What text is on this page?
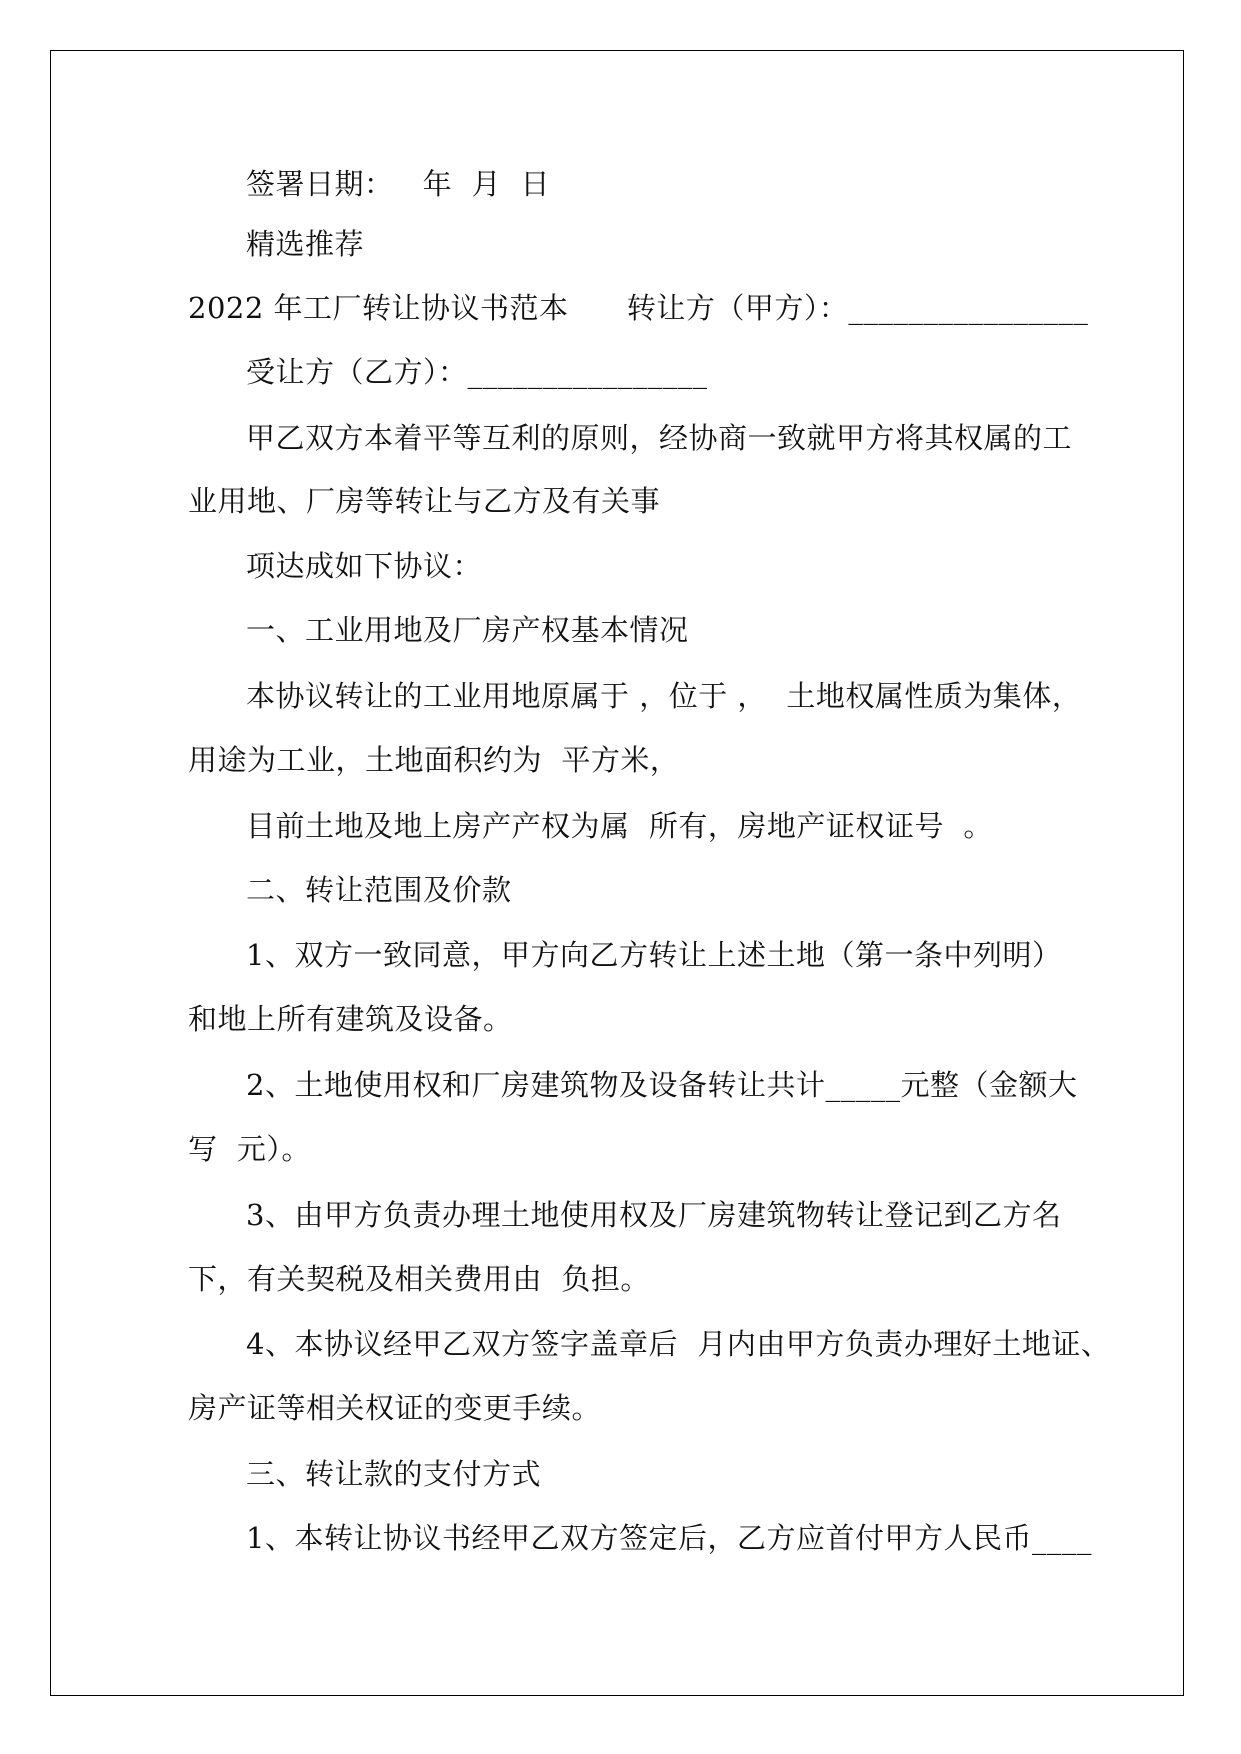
签署日期：   年  月  日

精选推荐

2022 年工厂转让协议书范本      转让方（甲方）：________________

受让方（乙方）：________________

甲乙双方本着平等互利的原则，经协商一致就甲方将其权属的工

业用地、厂房等转让与乙方及有关事

项达成如下协议：

一、工业用地及厂房产权基本情况

本协议转让的工业用地原属于 ，位于 ，  土地权属性质为集体，

用途为工业，土地面积约为  平方米，

目前土地及地上房产产权为属  所有，房地产证权证号  。

二、转让范围及价款

1、双方一致同意，甲方向乙方转让上述土地（第一条中列明）

和地上所有建筑及设备。

2、土地使用权和厂房建筑物及设备转让共计_____元整（金额大

写  元）。

3、由甲方负责办理土地使用权及厂房建筑物转让登记到乙方名

下，有关契税及相关费用由  负担。

4、本协议经甲乙双方签字盖章后  月内由甲方负责办理好土地证、

房产证等相关权证的变更手续。

三、转让款的支付方式

1、本转让协议书经甲乙双方签定后，乙方应首付甲方人民币____
